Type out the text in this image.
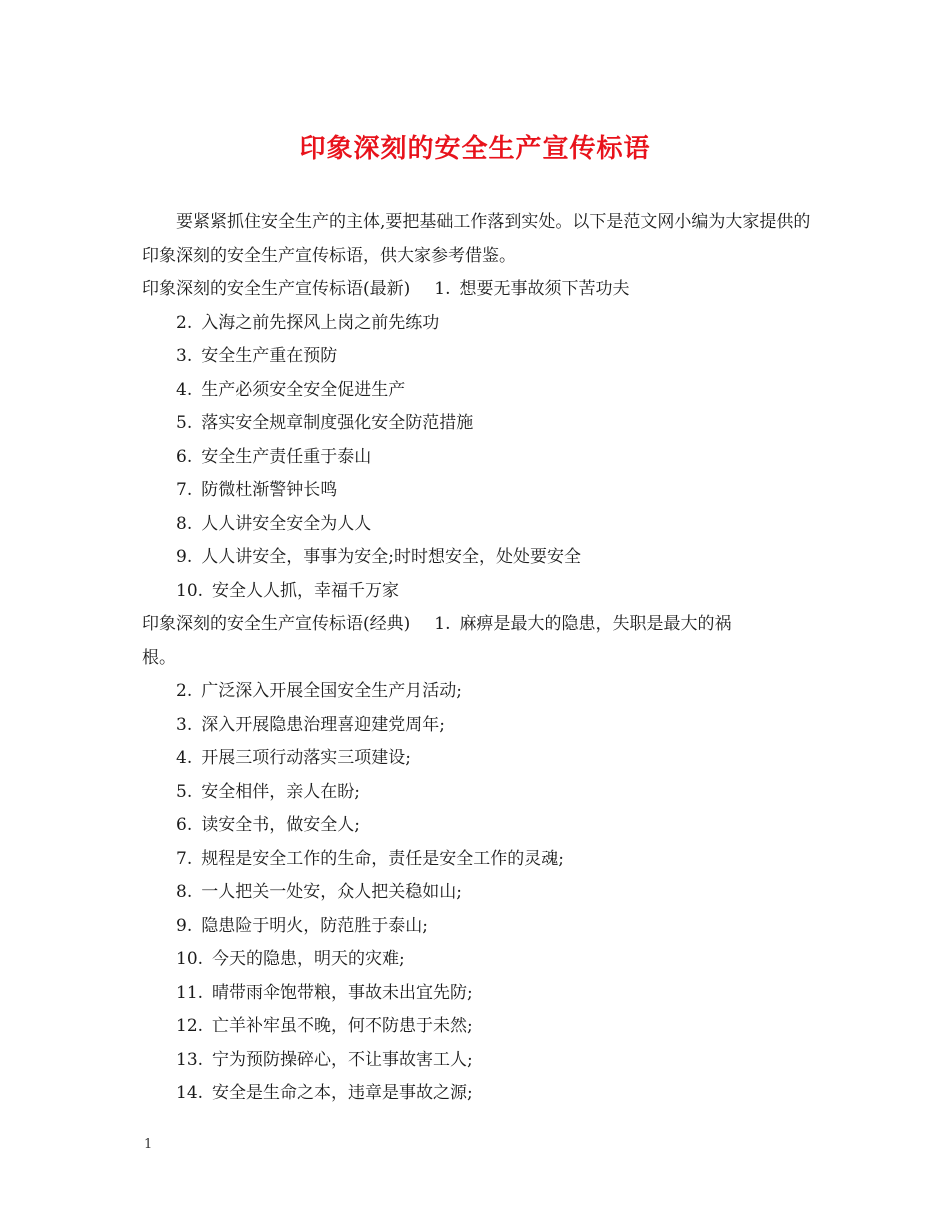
印象深刻的安全生产宣传标语

要紧紧抓住安全生产的主体,要把基础工作落到实处。以下是范文网小编为大家提供的印象深刻的安全生产宣传标语，供大家参考借鉴。

印象深刻的安全生产宣传标语(最新) 1. 想要无事故须下苦功夫

2. 入海之前先探风上岗之前先练功

3. 安全生产重在预防

4. 生产必须安全安全促进生产

5. 落实安全规章制度强化安全防范措施

6. 安全生产责任重于泰山

7. 防微杜渐警钟长鸣

8. 人人讲安全安全为人人

9. 人人讲安全，事事为安全;时时想安全，处处要安全

10. 安全人人抓，幸福千万家

印象深刻的安全生产宣传标语(经典) 1. 麻痹是最大的隐患，失职是最大的祸

根。

2. 广泛深入开展全国安全生产月活动;

3. 深入开展隐患治理喜迎建党周年;

4. 开展三项行动落实三项建设;

5. 安全相伴，亲人在盼;

6. 读安全书，做安全人;

7. 规程是安全工作的生命，责任是安全工作的灵魂;

8. 一人把关一处安，众人把关稳如山;

9. 隐患险于明火，防范胜于泰山;

10. 今天的隐患，明天的灾难;

11. 晴带雨伞饱带粮，事故未出宜先防;

12. 亡羊补牢虽不晚，何不防患于未然;

13. 宁为预防操碎心，不让事故害工人;

14. 安全是生命之本，违章是事故之源;

1
